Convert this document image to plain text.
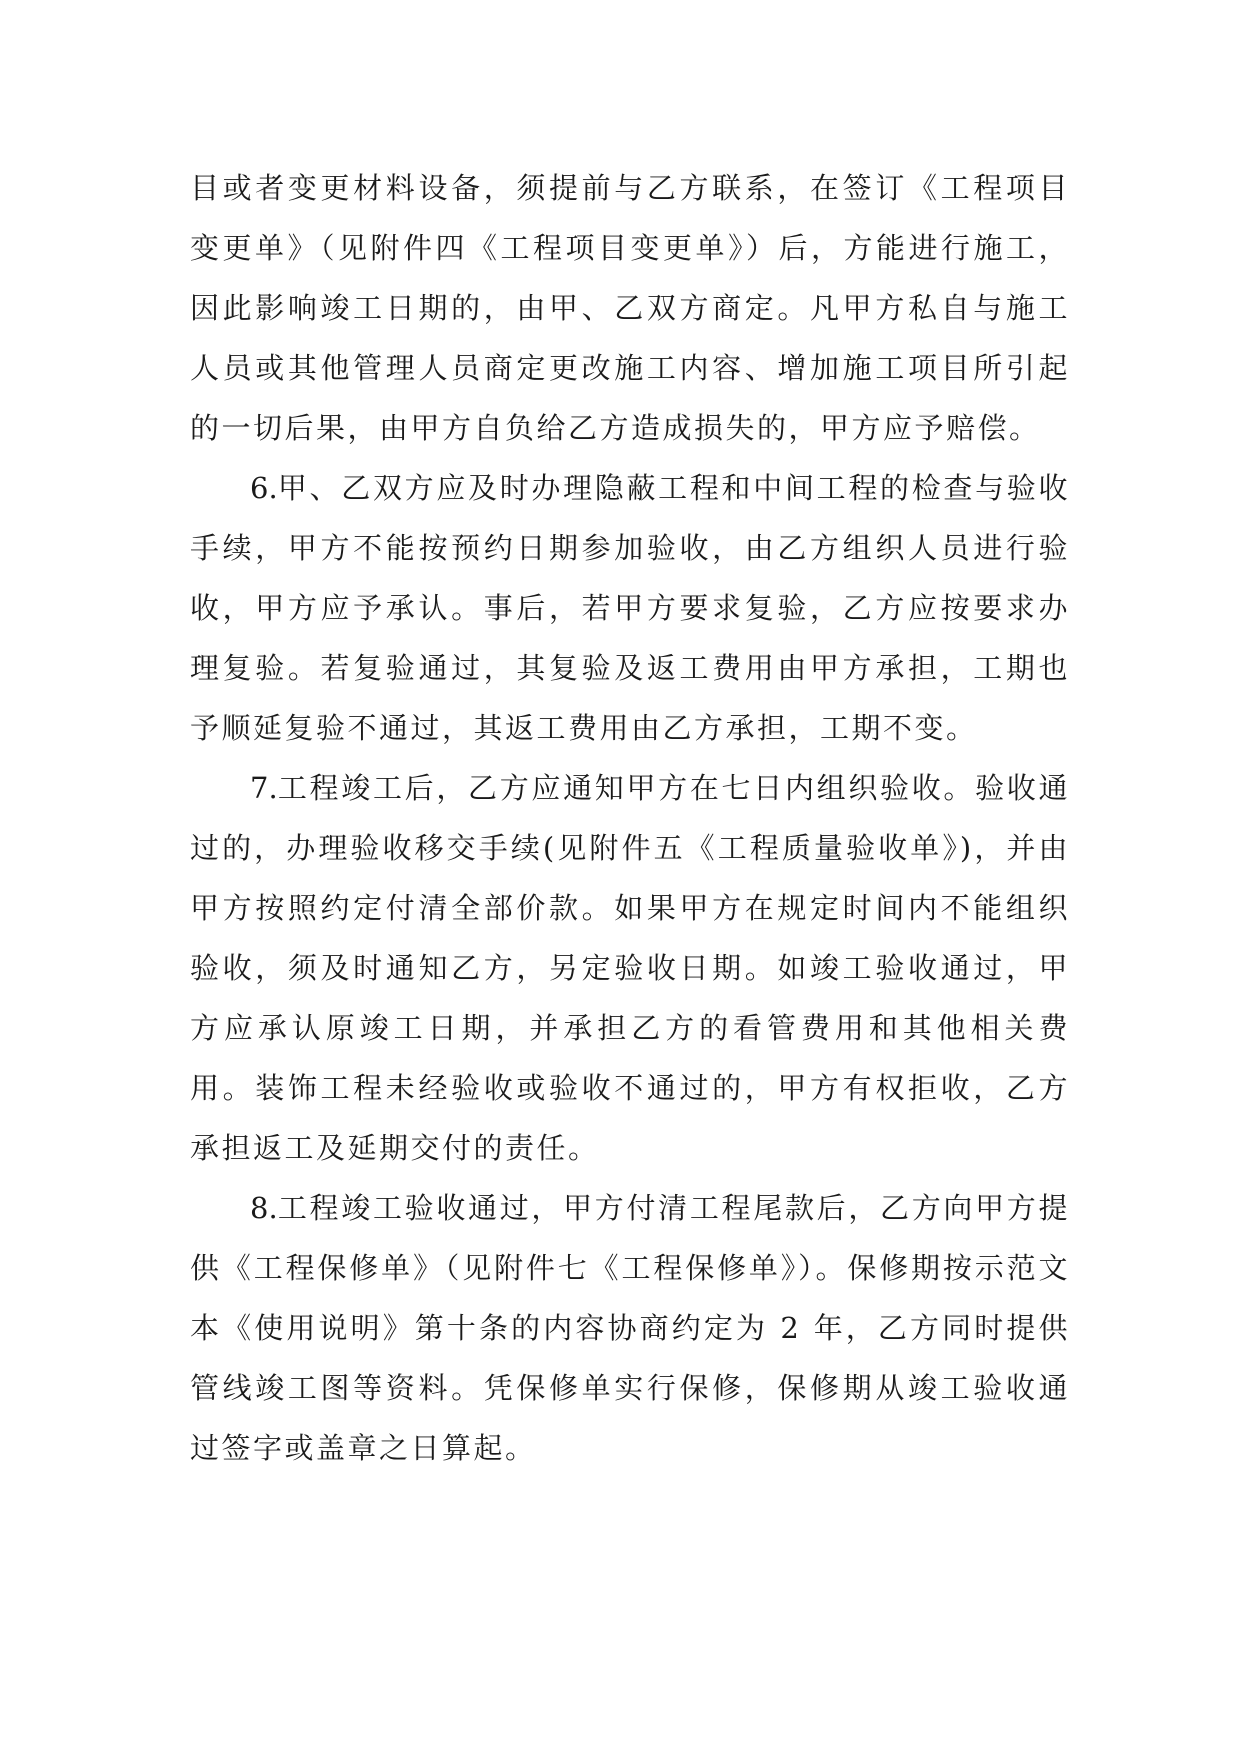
目或者变更材料设备，须提前与乙方联系，在签订《工程项目变更单》（见附件四《工程项目变更单》）后，方能进行施工，因此影响竣工日期的，由甲、乙双方商定。凡甲方私自与施工人员或其他管理人员商定更改施工内容、增加施工项目所引起的一切后果，由甲方自负给乙方造成损失的，甲方应予赔偿。

6.甲、乙双方应及时办理隐蔽工程和中间工程的检查与验收手续，甲方不能按预约日期参加验收，由乙方组织人员进行验收，甲方应予承认。事后，若甲方要求复验，乙方应按要求办理复验。若复验通过，其复验及返工费用由甲方承担，工期也予顺延复验不通过，其返工费用由乙方承担，工期不变。

7.工程竣工后，乙方应通知甲方在七日内组织验收。验收通过的，办理验收移交手续(见附件五《工程质量验收单》)，并由甲方按照约定付清全部价款。如果甲方在规定时间内不能组织验收，须及时通知乙方，另定验收日期。如竣工验收通过，甲方应承认原竣工日期，并承担乙方的看管费用和其他相关费用。装饰工程未经验收或验收不通过的，甲方有权拒收，乙方承担返工及延期交付的责任。

8.工程竣工验收通过，甲方付清工程尾款后，乙方向甲方提供《工程保修单》（见附件七《工程保修单》）。保修期按示范文本《使用说明》第十条的内容协商约定为 2 年，乙方同时提供管线竣工图等资料。凭保修单实行保修，保修期从竣工验收通过签字或盖章之日算起。
